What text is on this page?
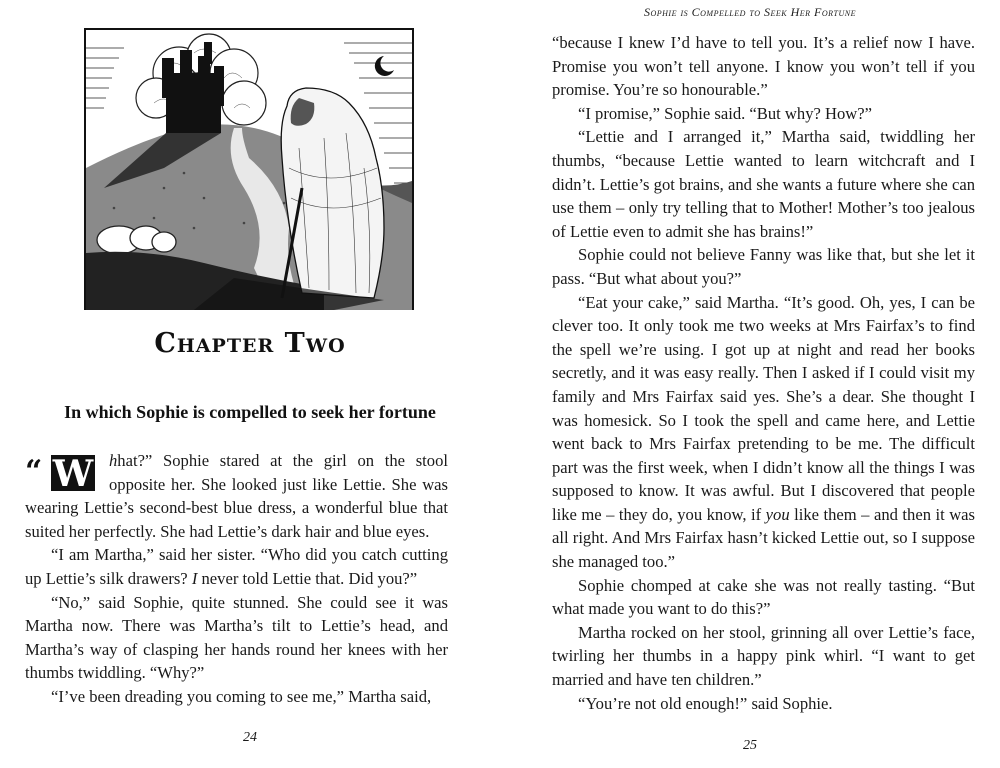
Chapter Two
In which Sophie is compelled to seek her fortune

“ W hhat?” Sophie stared at the girl on the stool opposite her. She looked just like Lettie. She was wearing Lettie’s second-best blue dress, a wonderful blue that suited her perfectly. She had Lettie’s dark hair and blue eyes.

“I am Martha,” said her sister. “Who did you catch cutting up Lettie’s silk drawers? I never told Lettie that. Did you?”

“No,” said Sophie, quite stunned. She could see it was Martha now. There was Martha’s tilt to Lettie’s head, and Martha’s way of clasping her hands round her knees with her thumbs twiddling. “Why?”

“I’ve been dreading you coming to see me,” Martha said,

24
Sophie is Compelled to Seek Her Fortune

“because I knew I’d have to tell you. It’s a relief now I have. Promise you won’t tell anyone. I know you won’t tell if you promise. You’re so honourable.”

“I promise,” Sophie said. “But why? How?”

“Lettie and I arranged it,” Martha said, twiddling her thumbs, “because Lettie wanted to learn witchcraft and I didn’t. Lettie’s got brains, and she wants a future where she can use them – only try telling that to Mother! Mother’s too jealous of Lettie even to admit she has brains!”

Sophie could not believe Fanny was like that, but she let it pass. “But what about you?”

“Eat your cake,” said Martha. “It’s good. Oh, yes, I can be clever too. It only took me two weeks at Mrs Fairfax’s to find the spell we’re using. I got up at night and read her books secretly, and it was easy really. Then I asked if I could visit my family and Mrs Fairfax said yes. She’s a dear. She thought I was homesick. So I took the spell and came here, and Lettie went back to Mrs Fairfax pretending to be me. The difficult part was the first week, when I didn’t know all the things I was supposed to know. It was awful. But I discovered that people like me – they do, you know, if you like them – and then it was all right. And Mrs Fairfax hasn’t kicked Lettie out, so I suppose she managed too.”

Sophie chomped at cake she was not really tasting. “But what made you want to do this?”

Martha rocked on her stool, grinning all over Lettie’s face, twirling her thumbs in a happy pink whirl. “I want to get married and have ten children.”

“You’re not old enough!” said Sophie.

25
